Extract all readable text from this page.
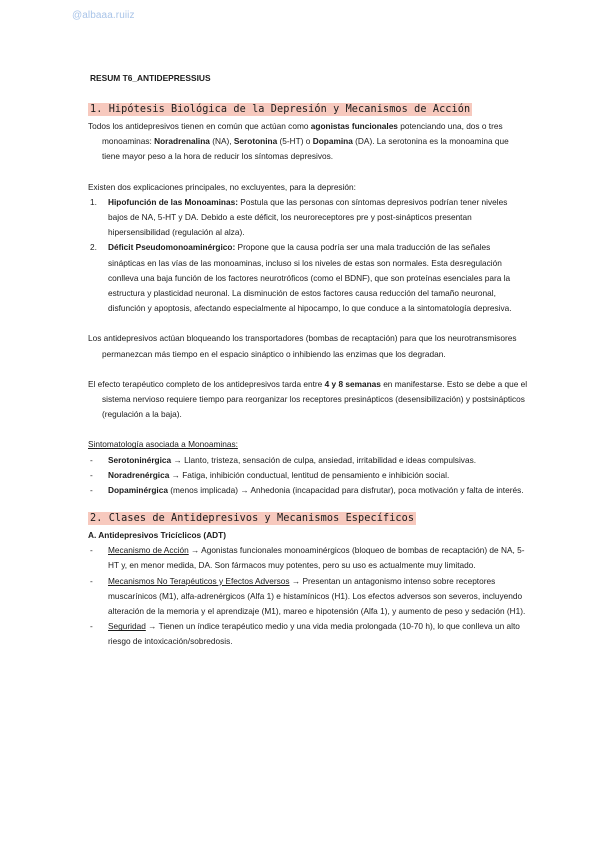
@albaaa.ruiiz
RESUM T6_ANTIDEPRESSIUS
1. Hipótesis Biológica de la Depresión y Mecanismos de Acción

Todos los antidepresivos tienen en común que actúan como agonistas funcionales potenciando una, dos o tres monoaminas: Noradrenalina (NA), Serotonina (5-HT) o Dopamina (DA). La serotonina es la monoamina que tiene mayor peso a la hora de reducir los síntomas depresivos.

Existen dos explicaciones principales, no excluyentes, para la depresión:

1. Hipofunción de las Monoaminas: Postula que las personas con síntomas depresivos podrían tener niveles bajos de NA, 5-HT y DA. Debido a este déficit, los neuroreceptores pre y post-sinápticos presentan hipersensibilidad (regulación al alza).
2. Déficit Pseudomonoaminérgico: Propone que la causa podría ser una mala traducción de las señales sinápticas en las vías de las monoaminas, incluso si los niveles de estas son normales. Esta desregulación conlleva una baja función de los factores neurotróficos (como el BDNF), que son proteínas esenciales para la estructura y plasticidad neuronal. La disminución de estos factores causa reducción del tamaño neuronal, disfunción y apoptosis, afectando especialmente al hipocampo, lo que conduce a la sintomatología depresiva.

Los antidepresivos actúan bloqueando los transportadores (bombas de recaptación) para que los neurotransmisores permanezcan más tiempo en el espacio sináptico o inhibiendo las enzimas que los degradan.

El efecto terapéutico completo de los antidepresivos tarda entre 4 y 8 semanas en manifestarse. Esto se debe a que el sistema nervioso requiere tiempo para reorganizar los receptores presinápticos (desensibilización) y postsinápticos (regulación a la baja).

Sintomatología asociada a Monoaminas:

- Serotoninérgica → Llanto, tristeza, sensación de culpa, ansiedad, irritabilidad e ideas compulsivas.
- Noradrenérgica → Fatiga, inhibición conductual, lentitud de pensamiento e inhibición social.
- Dopaminérgica (menos implicada) → Anhedonia (incapacidad para disfrutar), poca motivación y falta de interés.
2. Clases de Antidepresivos y Mecanismos Específicos

A. Antidepresivos Tricíclicos (ADT)

- Mecanismo de Acción → Agonistas funcionales monoaminérgicos (bloqueo de bombas de recaptación) de NA, 5-HT y, en menor medida, DA. Son fármacos muy potentes, pero su uso es actualmente muy limitado.
- Mecanismos No Terapéuticos y Efectos Adversos → Presentan un antagonismo intenso sobre receptores muscarínicos (M1), alfa-adrenérgicos (Alfa 1) e histamínicos (H1). Los efectos adversos son severos, incluyendo alteración de la memoria y el aprendizaje (M1), mareo e hipotensión (Alfa 1), y aumento de peso y sedación (H1).
- Seguridad → Tienen un índice terapéutico medio y una vida media prolongada (10-70 h), lo que conlleva un alto riesgo de intoxicación/sobredosis.
